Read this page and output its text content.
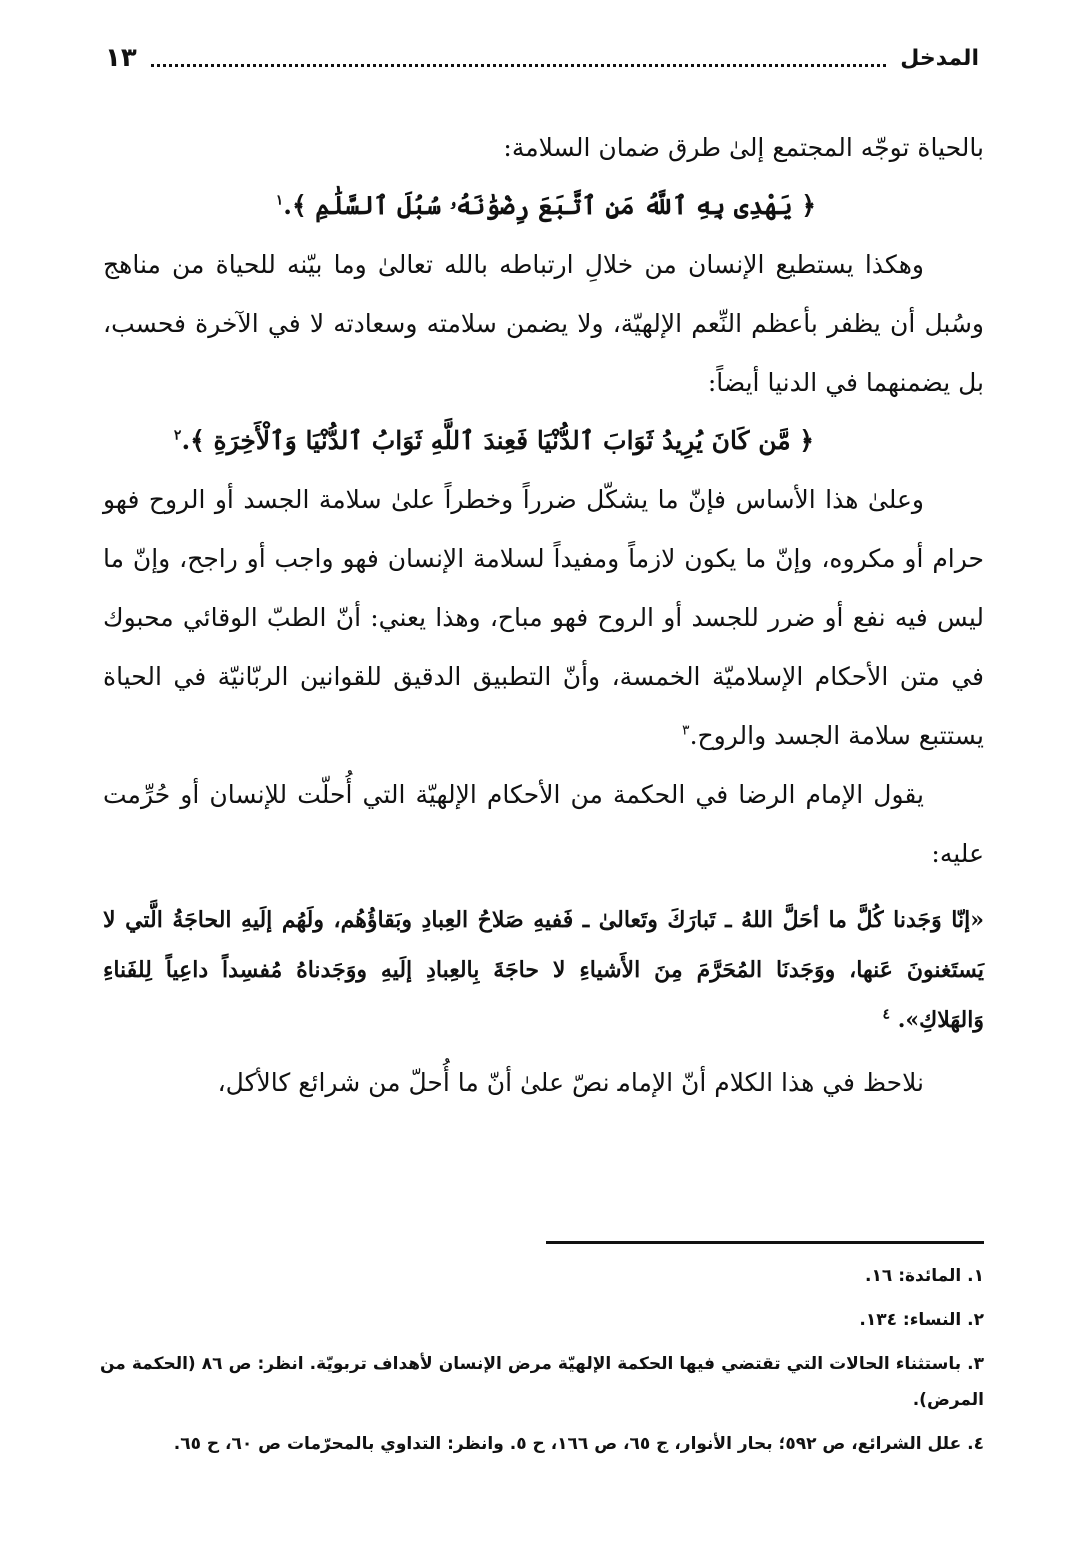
المدخل
١٣

بالحياة توجّه المجتمع إلىٰ طرق ضمان السلامة:

﴿ يَهْدِى بِهِ ٱللَّهُ مَنِ ٱتَّبَعَ رِضْوَٰنَهُۥ سُبُلَ ٱلسَّلَٰمِ ﴾.$^١$

وهكذا يستطيع الإنسان من خلالِ ارتباطه بالله تعالىٰ وما بيّنه للحياة من مناهج وسُبل أن يظفر بأعظم النِّعم الإلهيّة، ولا يضمن سلامته وسعادته لا في الآخرة فحسب، بل يضمنهما في الدنيا أيضاً:

﴿ مَّن كَانَ يُرِيدُ ثَوَابَ ٱلدُّنْيَا فَعِندَ ٱللَّهِ ثَوَابُ ٱلدُّنْيَا وَٱلْأَخِرَةِ ﴾.$^٢$

وعلىٰ هذا الأساس فإنّ ما يشكّل ضرراً وخطراً علىٰ سلامة الجسد أو الروح فهو حرام أو مكروه، وإنّ ما يكون لازماً ومفيداً لسلامة الإنسان فهو واجب أو راجح، وإنّ ما ليس فيه نفع أو ضرر للجسد أو الروح فهو مباح، وهذا يعني: أنّ الطبّ الوقائي محبوك في متن الأحكام الإسلاميّة الخمسة، وأنّ التطبيق الدقيق للقوانين الربّانيّة في الحياة يستتبع سلامة الجسد والروح.$^٣$

يقول الإمام الرضا‍ في الحكمة من الأحكام الإلهيّة التي أُحلّت للإنسان أو حُرِّمت عليه:

«إنّا وَجَدنا كُلَّ ما أحَلَّ اللهُ ـ تَبارَكَ وتَعالىٰ ـ فَفيهِ صَلاحُ العِبادِ وبَقاؤُهُم، ولَهُم إلَيهِ الحاجَةُ الَّتي لا يَستَغنونَ عَنها، ووَجَدنَا المُحَرَّمَ مِنَ الأَشياءِ لا حاجَةَ بِالعِبادِ إلَيهِ ووَجَدناهُ مُفسِداً داعِياً لِلفَناءِ وَالهَلاكِ». $^٤$

نلاحظ في هذا الكلام أنّ الإمام‍ نصّ علىٰ أنّ ما أُحلّ من شرائع كالأكل،

١. المائدة: ١٦.

٢. النساء: ١٣٤.

٣. باستثناء الحالات التي تقتضي فيها الحكمة الإلهيّة مرض الإنسان لأهداف تربويّة. انظر: ص ٨٦ (الحكمة من المرض).

٤. علل الشرائع، ص ٥٩٢؛ بحار الأنوار، ج ٦٥، ص ١٦٦، ح ٥. وانظر: التداوي بالمحرّمات ص ٦٠، ح ٦٥.
